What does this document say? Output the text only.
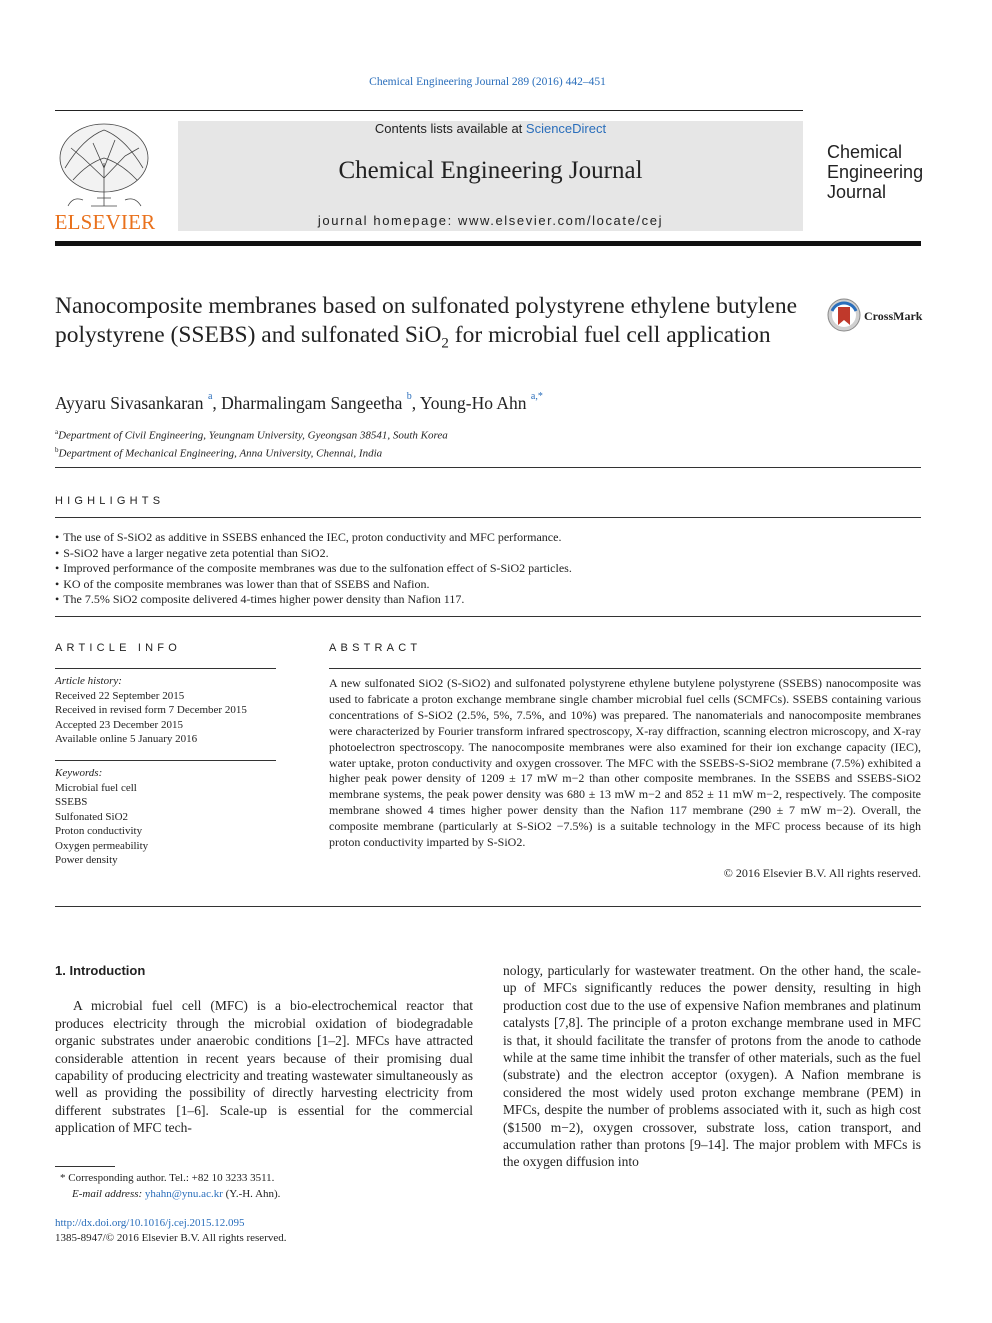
Chemical Engineering Journal 289 (2016) 442–451
ELSEVIER
Contents lists available at ScienceDirect
Chemical Engineering Journal
journal homepage: www.elsevier.com/locate/cej
Chemical
Engineering
Journal
Nanocomposite membranes based on sulfonated polystyrene ethylene butylene polystyrene (SSEBS) and sulfonated SiO$_2$ for microbial fuel cell application
CrossMark
Ayyaru Sivasankaran $^a$, Dharmalingam Sangeetha $^b$, Young-Ho Ahn $^{a,*}$
$^a$Department of Civil Engineering, Yeungnam University, Gyeongsan 38541, South Korea
$^b$Department of Mechanical Engineering, Anna University, Chennai, India
HIGHLIGHTS
• The use of S-SiO2 as additive in SSEBS enhanced the IEC, proton conductivity and MFC performance.
• S-SiO2 have a larger negative zeta potential than SiO2.
• Improved performance of the composite membranes was due to the sulfonation effect of S-SiO2 particles.
• KO of the composite membranes was lower than that of SSEBS and Nafion.
• The 7.5% SiO2 composite delivered 4-times higher power density than Nafion 117.
ARTICLE INFO
Article history:
Received 22 September 2015
Received in revised form 7 December 2015
Accepted 23 December 2015
Available online 5 January 2016
Keywords:
Microbial fuel cell
SSEBS
Sulfonated SiO2
Proton conductivity
Oxygen permeability
Power density
ABSTRACT
A new sulfonated SiO2 (S-SiO2) and sulfonated polystyrene ethylene butylene polystyrene (SSEBS) nanocomposite was used to fabricate a proton exchange membrane single chamber microbial fuel cells (SCMFCs). SSEBS containing various concentrations of S-SiO2 (2.5%, 5%, 7.5%, and 10%) was prepared. The nanomaterials and nanocomposite membranes were characterized by Fourier transform infrared spectroscopy, X-ray diffraction, scanning electron microscopy, and X-ray photoelectron spectroscopy. The nanocomposite membranes were also examined for their ion exchange capacity (IEC), water uptake, proton conductivity and oxygen crossover. The MFC with the SSEBS-S-SiO2 membrane (7.5%) exhibited a higher peak power density of 1209 ± 17 mW m−2 than other composite membranes. In the SSEBS and SSEBS-SiO2 membrane systems, the peak power density was 680 ± 13 mW m−2 and 852 ± 11 mW m−2, respectively. The composite membrane showed 4 times higher power density than the Nafion 117 membrane (290 ± 7 mW m−2). Overall, the composite membrane (particularly at S-SiO2 −7.5%) is a suitable technology in the MFC process because of its high proton conductivity imparted by S-SiO2.
© 2016 Elsevier B.V. All rights reserved.
1. Introduction

A microbial fuel cell (MFC) is a bio-electrochemical reactor that produces electricity through the microbial oxidation of biodegradable organic substrates under anaerobic conditions [1–2]. MFCs have attracted considerable attention in recent years because of their promising dual capability of producing electricity and treating wastewater simultaneously as well as providing the possibility of directly harvesting electricity from different substrates [1–6]. Scale-up is essential for the commercial application of MFC tech-

nology, particularly for wastewater treatment. On the other hand, the scale-up of MFCs significantly reduces the power density, resulting in high production cost due to the use of expensive Nafion membranes and platinum catalysts [7,8]. The principle of a proton exchange membrane used in MFC is that, it should facilitate the transfer of protons from the anode to cathode while at the same time inhibit the transfer of other materials, such as the fuel (substrate) and the electron acceptor (oxygen). A Nafion membrane is considered the most widely used proton exchange membrane (PEM) in MFCs, despite the number of problems associated with it, such as high cost ($1500 m−2), oxygen crossover, substrate loss, cation transport, and accumulation rather than protons [9–14]. The major problem with MFCs is the oxygen diffusion into

* Corresponding author. Tel.: +82 10 3233 3511.
E-mail address: yhahn@ynu.ac.kr (Y.-H. Ahn).
http://dx.doi.org/10.1016/j.cej.2015.12.095
1385-8947/© 2016 Elsevier B.V. All rights reserved.
